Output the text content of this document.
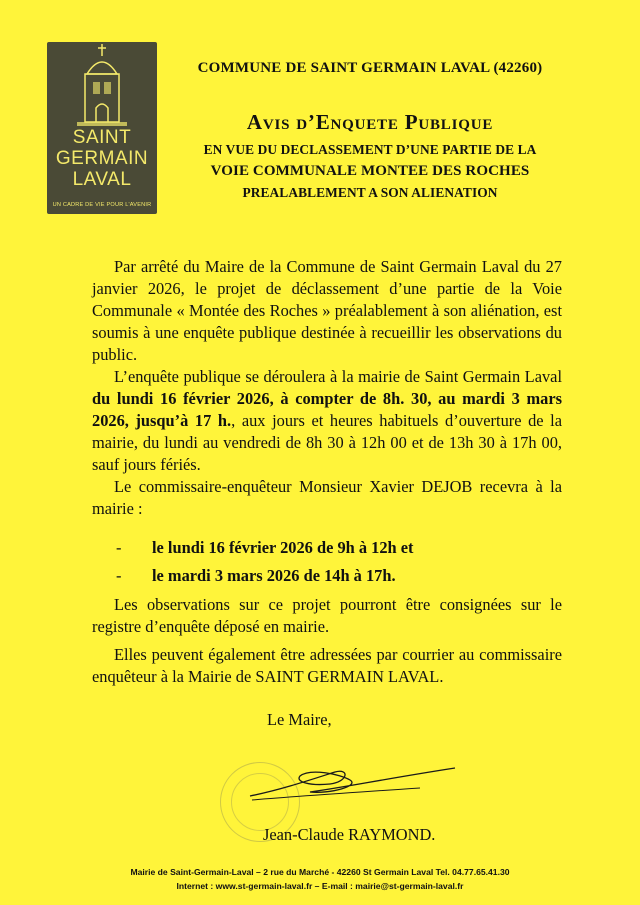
SAINT
GERMAIN
LAVAL
UN CADRE DE VIE POUR L'AVENIR
COMMUNE DE SAINT GERMAIN LAVAL (42260)
Avis d’Enquete Publique
EN VUE DU DECLASSEMENT D’UNE PARTIE DE LA
VOIE COMMUNALE MONTEE DES ROCHES
PREALABLEMENT A SON ALIENATION

Par arrêté du Maire de la Commune de Saint Germain Laval du 27 janvier 2026, le projet de déclassement d’une partie de la Voie Communale « Montée des Roches » préalablement à son aliénation, est soumis à une enquête publique destinée à recueillir les observations du public.

L’enquête publique se déroulera à la mairie de Saint Germain Laval du lundi 16 février 2026, à compter de 8h. 30, au mardi 3 mars 2026, jusqu’à 17 h., aux jours et heures habituels d’ouverture de la mairie, du lundi au vendredi de 8h 30 à 12h 00 et de 13h 30 à 17h 00, sauf jours fériés.

Le commissaire-enquêteur Monsieur Xavier DEJOB recevra à la mairie :

- le lundi 16 février 2026 de 9h à 12h et
- le mardi 3 mars 2026 de 14h à 17h.

Les observations sur ce projet pourront être consignées sur le registre d’enquête déposé en mairie.

Elles peuvent également être adressées par courrier au commissaire enquêteur à la Mairie de SAINT GERMAIN LAVAL.

Le Maire,
Jean-Claude RAYMOND.
Mairie de Saint-Germain-Laval – 2 rue du Marché - 42260 St Germain Laval Tel. 04.77.65.41.30
Internet : www.st-germain-laval.fr – E-mail : mairie@st-germain-laval.fr
